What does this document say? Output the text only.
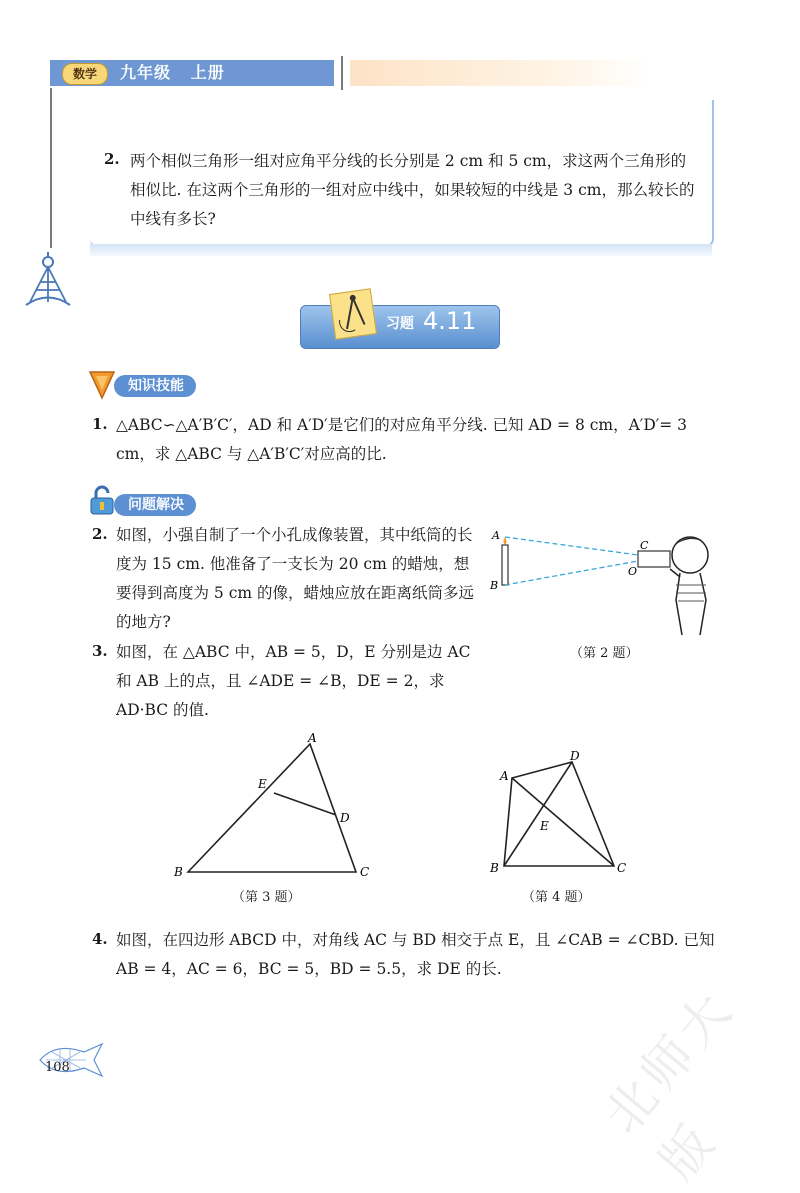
数学	九年级   上册
2. 两个相似三角形一组对应角平分线的长分别是 2 cm 和 5 cm，求这两个三角形的相似比. 在这两个三角形的一组对应中线中，如果较短的中线是 3 cm，那么较长的中线有多长?
习题 4.11
知识技能
1. △ABC∽△A′B′C′，AD 和 A′D′是它们的对应角平分线. 已知 AD = 8 cm，A′D′= 3 cm，求 △ABC 与 △A′B′C′对应高的比.
问题解决
2. 如图，小强自制了一个小孔成像装置，其中纸筒的长度为 15 cm. 他准备了一支长为 20 cm 的蜡烛，想要得到高度为 5 cm 的像，蜡烛应放在距离纸筒多远的地方?
3. 如图，在 △ABC 中，AB = 5，D，E 分别是边 AC 和 AB 上的点，且 ∠ADE = ∠B，DE = 2，求 AD·BC 的值.
4. 如图，在四边形 ABCD 中，对角线 AC 与 BD 相交于点 E，且 ∠CAB = ∠CBD. 已知 AB = 4，AC = 6，BC = 5，BD = 5.5，求 DE 的长.
A
B
C
O
（第 2 题）
A
B	C
D
E
（第 3 题）
A
B	C
D
E
（第 4 题）
108	北师大版
